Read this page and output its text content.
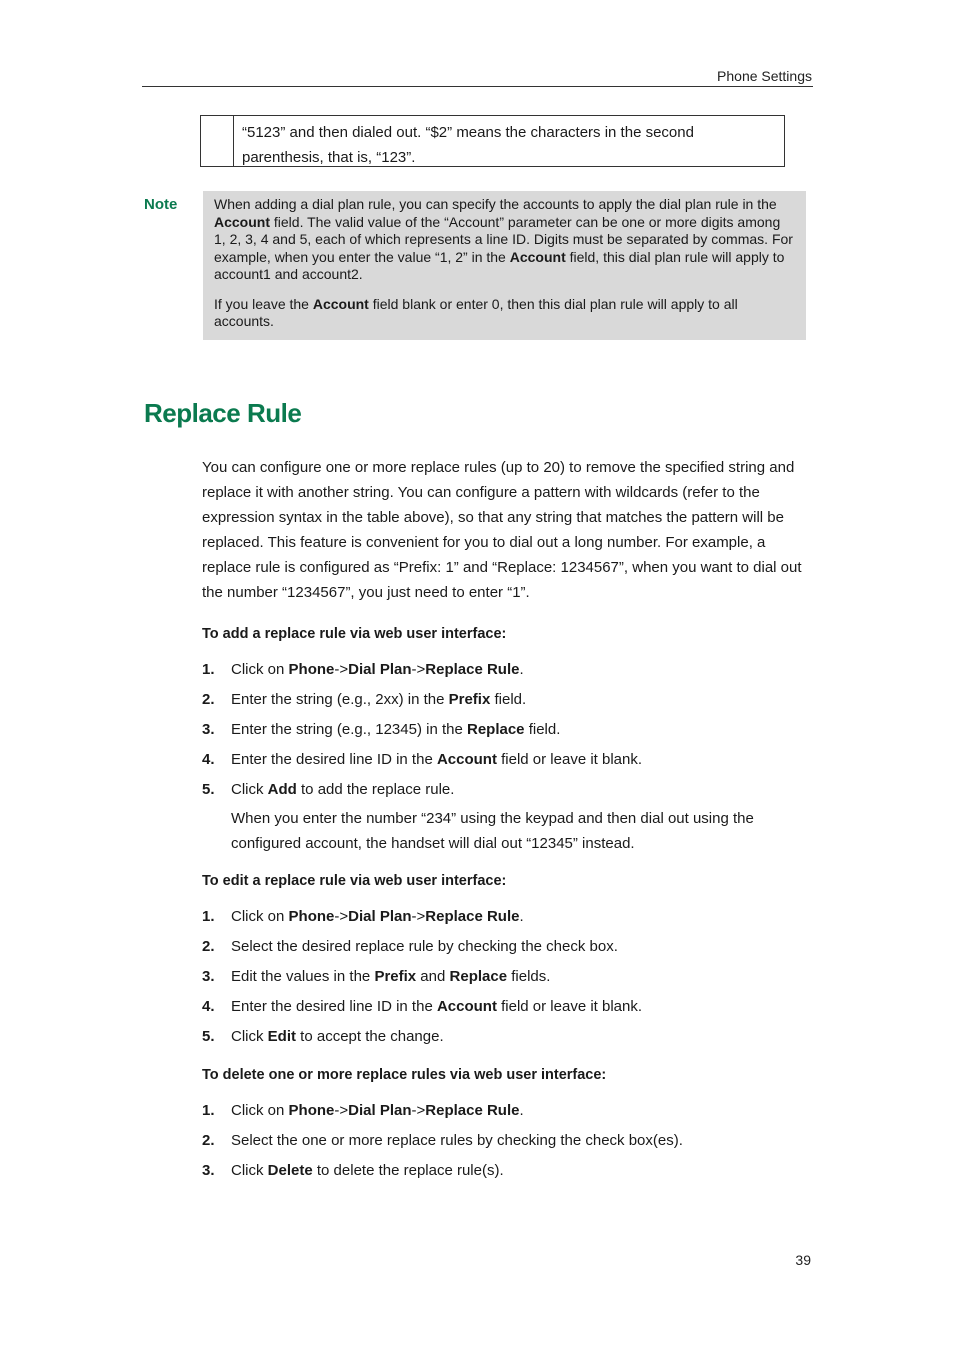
Phone Settings
“5123” and then dialed out. “$2” means the characters in the second
parenthesis, that is, “123”.
Note	When adding a dial plan rule, you can specify the accounts to apply the dial plan rule in the Account field. The valid value of the “Account” parameter can be one or more digits among 1, 2, 3, 4 and 5, each of which represents a line ID. Digits must be separated by commas. For example, when you enter the value “1, 2” in the Account field, this dial plan rule will apply to account1 and account2.

If you leave the Account field blank or enter 0, then this dial plan rule will apply to all accounts.

Replace Rule

You can configure one or more replace rules (up to 20) to remove the specified string and replace it with another string. You can configure a pattern with wildcards (refer to the expression syntax in the table above), so that any string that matches the pattern will be replaced. This feature is convenient for you to dial out a long number. For example, a replace rule is configured as “Prefix: 1” and “Replace: 1234567”, when you want to dial out the number “1234567”, you just need to enter “1”.

To add a replace rule via web user interface:

1. Click on Phone->Dial Plan->Replace Rule.
2. Enter the string (e.g., 2xx) in the Prefix field.
3. Enter the string (e.g., 12345) in the Replace field.
4. Enter the desired line ID in the Account field or leave it blank.
5. Click Add to add the replace rule.

When you enter the number “234” using the keypad and then dial out using the configured account, the handset will dial out “12345” instead.

To edit a replace rule via web user interface:

1. Click on Phone->Dial Plan->Replace Rule.
2. Select the desired replace rule by checking the check box.
3. Edit the values in the Prefix and Replace fields.
4. Enter the desired line ID in the Account field or leave it blank.
5. Click Edit to accept the change.

To delete one or more replace rules via web user interface:

1. Click on Phone->Dial Plan->Replace Rule.
2. Select the one or more replace rules by checking the check box(es).
3. Click Delete to delete the replace rule(s).
39
